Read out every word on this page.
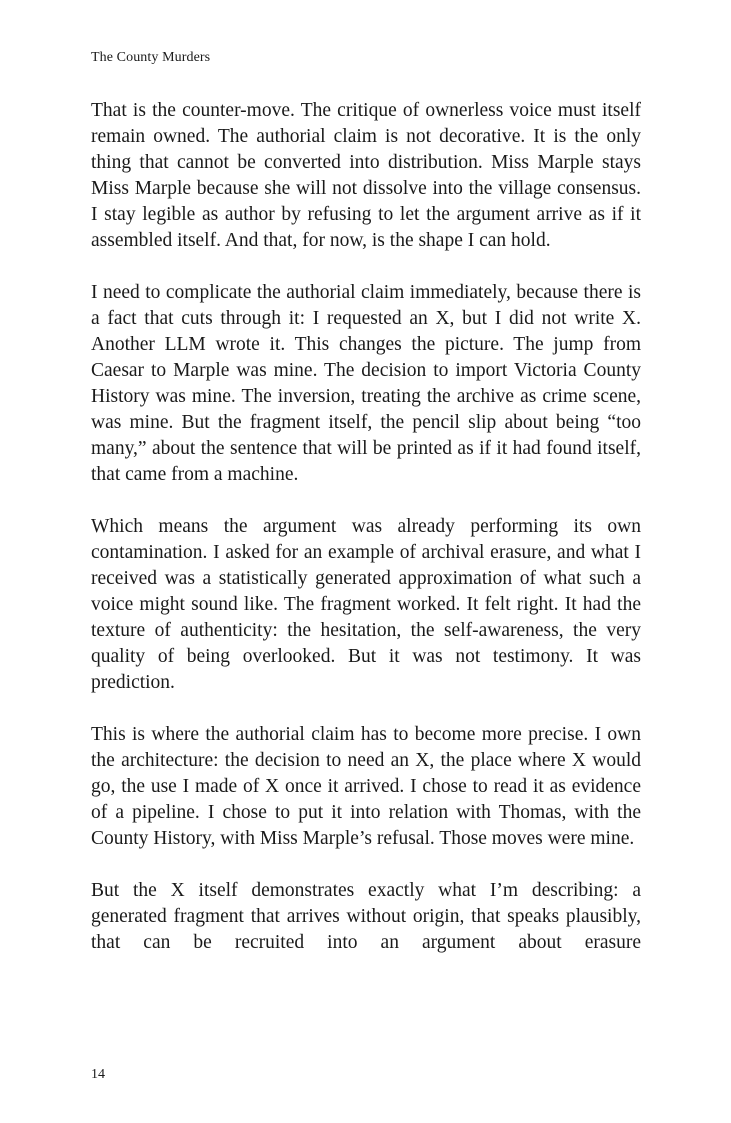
The County Murders

That is the counter-move. The critique of ownerless voice must itself remain owned. The authorial claim is not decorative. It is the only thing that cannot be converted into distribution. Miss Marple stays Miss Marple because she will not dissolve into the village consensus. I stay legible as author by refusing to let the argument arrive as if it assembled itself. And that, for now, is the shape I can hold.

I need to complicate the authorial claim immediately, because there is a fact that cuts through it: I requested an X, but I did not write X. Another LLM wrote it. This changes the picture. The jump from Caesar to Marple was mine. The decision to import Victoria County History was mine. The inversion, treating the archive as crime scene, was mine. But the fragment itself, the pencil slip about being “too many,” about the sentence that will be printed as if it had found itself, that came from a machine.

Which means the argument was already performing its own contamination. I asked for an example of archival erasure, and what I received was a statistically generated approximation of what such a voice might sound like. The fragment worked. It felt right. It had the texture of authenticity: the hesitation, the self-awareness, the very quality of being overlooked. But it was not testimony. It was prediction.

This is where the authorial claim has to become more precise. I own the architecture: the decision to need an X, the place where X would go, the use I made of X once it arrived. I chose to read it as evidence of a pipeline. I chose to put it into relation with Thomas, with the County History, with Miss Marple’s refusal. Those moves were mine.

But the X itself demonstrates exactly what I’m describing: a generated fragment that arrives without origin, that speaks plausibly, that can be recruited into an argument about erasure

14
